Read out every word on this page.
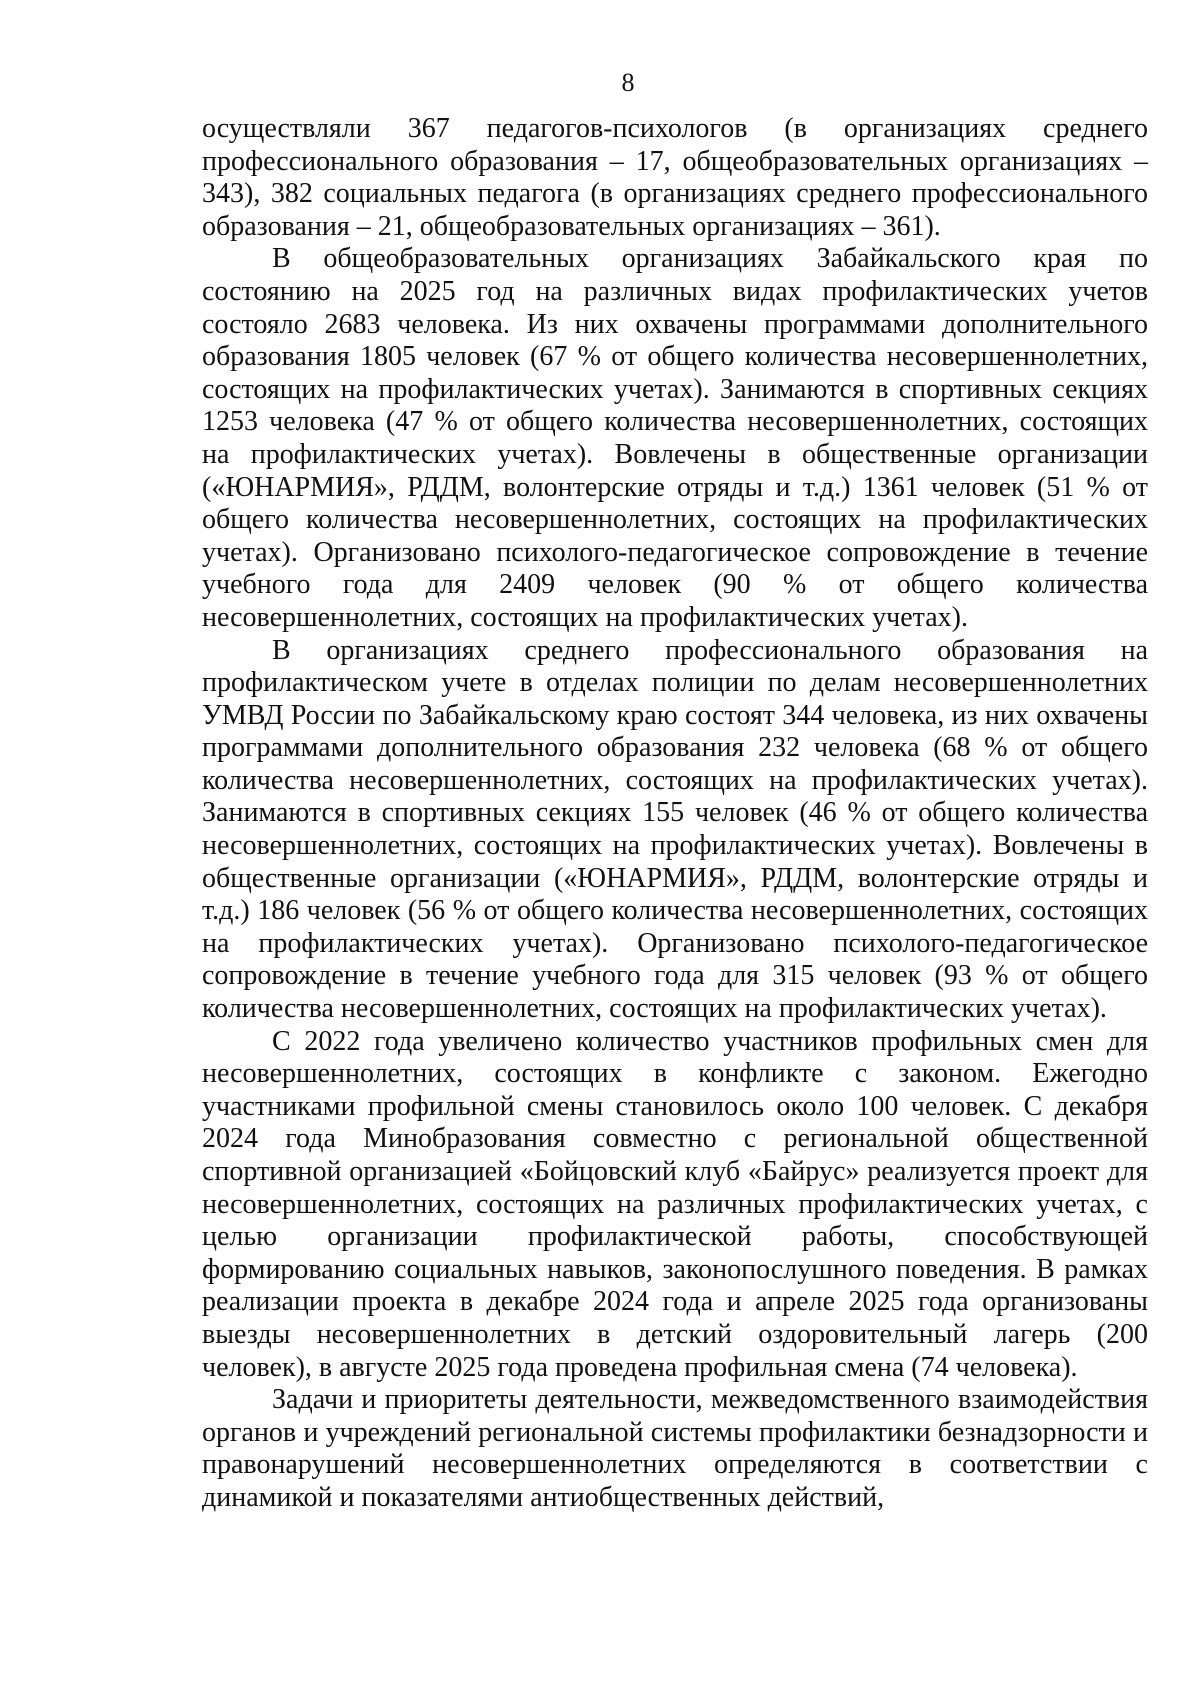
8

осуществляли 367 педагогов-психологов (в организациях среднего профессионального образования – 17, общеобразовательных организациях – 343), 382 социальных педагога (в организациях среднего профессионального образования – 21, общеобразовательных организациях – 361).

В общеобразовательных организациях Забайкальского края по состоянию на 2025 год на различных видах профилактических учетов состояло 2683 человека. Из них охвачены программами дополнительного образования 1805 человек (67 % от общего количества несовершеннолетних, состоящих на профилактических учетах). Занимаются в спортивных секциях 1253 человека (47 % от общего количества несовершеннолетних, состоящих на профилактических учетах). Вовлечены в общественные организации («ЮНАРМИЯ», РДДМ, волонтерские отряды и т.д.) 1361 человек (51 % от общего количества несовершеннолетних, состоящих на профилактических учетах). Организовано психолого-педагогическое сопровождение в течение учебного года для 2409 человек (90 % от общего количества несовершеннолетних, состоящих на профилактических учетах).

В организациях среднего профессионального образования на профилактическом учете в отделах полиции по делам несовершеннолетних УМВД России по Забайкальскому краю состоят 344 человека, из них охвачены программами дополнительного образования 232 человека (68 % от общего количества несовершеннолетних, состоящих на профилактических учетах). Занимаются в спортивных секциях 155 человек (46 % от общего количества несовершеннолетних, состоящих на профилактических учетах). Вовлечены в общественные организации («ЮНАРМИЯ», РДДМ, волонтерские отряды и т.д.) 186 человек (56 % от общего количества несовершеннолетних, состоящих на профилактических учетах). Организовано психолого-педагогическое сопровождение в течение учебного года для 315 человек (93 % от общего количества несовершеннолетних, состоящих на профилактических учетах).

С 2022 года увеличено количество участников профильных смен для несовершеннолетних, состоящих в конфликте с законом. Ежегодно участниками профильной смены становилось около 100 человек. С декабря 2024 года Минобразования совместно с региональной общественной спортивной организацией «Бойцовский клуб «Байрус» реализуется проект для несовершеннолетних, состоящих на различных профилактических учетах, с целью организации профилактической работы, способствующей формированию социальных навыков, законопослушного поведения. В рамках реализации проекта в декабре 2024 года и апреле 2025 года организованы выезды несовершеннолетних в детский оздоровительный лагерь (200 человек), в августе 2025 года проведена профильная смена (74 человека).

Задачи и приоритеты деятельности, межведомственного взаимодействия органов и учреждений региональной системы профилактики безнадзорности и правонарушений несовершеннолетних определяются в соответствии с динамикой и показателями антиобщественных действий,
